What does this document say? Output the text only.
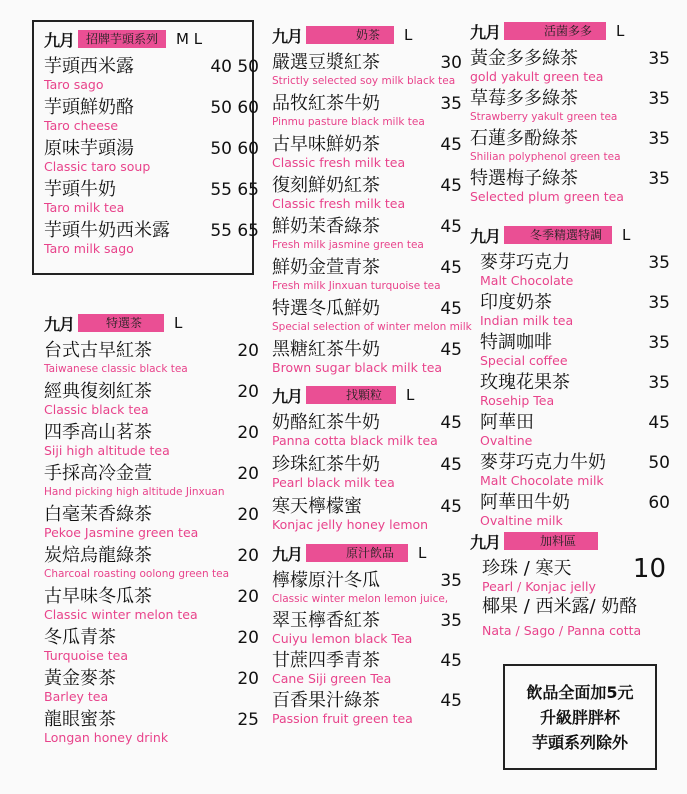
九月	招牌芋頭系列	M L
芋頭西米露	40 50
Taro sago
芋頭鮮奶酪	50 60
Taro cheese
原味芋頭湯	50 60
Classic taro soup
芋頭牛奶	55 65
Taro milk tea
芋頭牛奶西米露 55 65
Taro milk sago
九月	特選茶	L
台式古早紅茶	20
Taiwanese classic black tea
經典復刻紅茶	20
Classic black tea
四季高山茗茶	20
Siji high altitude tea
手採高冷金萱	20
Hand picking high altitude Jinxuan
白毫茉香綠茶	20
Pekoe Jasmine green tea
炭焙烏龍綠茶	20
Charcoal roasting oolong green tea
古早味冬瓜茶	20
Classic winter melon tea
冬瓜青茶	20
Turquoise tea
黃金麥茶	20
Barley tea
龍眼蜜茶	25
Longan honey drink
九月	奶茶	L
嚴選豆漿紅茶	30
Strictly selected soy milk black tea
品牧紅茶牛奶	35
Pinmu pasture black milk tea
古早味鮮奶茶	45
Classic fresh milk tea
復刻鮮奶紅茶	45
Classic fresh milk tea
鮮奶茉香綠茶	45
Fresh milk jasmine green tea
鮮奶金萱青茶	45
Fresh milk Jinxuan turquoise tea
特選冬瓜鮮奶	45
Special selection of winter melon milk
黑糖紅茶牛奶	45
Brown sugar black milk tea
九月	找顆粒	L
奶酪紅茶牛奶	45
Panna cotta black milk tea
珍珠紅茶牛奶	45
Pearl black milk tea
寒天檸檬蜜	45
Konjac jelly honey lemon
九月	原汁飲品	L
檸檬原汁冬瓜	35
Classic winter melon lemon juice,
翠玉檸香紅茶	35
Cuiyu lemon black Tea
甘蔗四季青茶	45
Cane Siji green Tea
百香果汁綠茶	45
Passion fruit green tea
九月	活菌多多	L
黃金多多綠茶	35
gold yakult green tea
草莓多多綠茶	35
Strawberry yakult green tea
石蓮多酚綠茶	35
Shilian polyphenol green tea
特選梅子綠茶	35
Selected plum green tea
九月	冬季精選特調	L
麥芽巧克力	35
Malt Chocolate
印度奶茶	35
Indian milk tea
特調咖啡	35
Special coffee
玫瑰花果茶	35
Rosehip Tea
阿華田	45
Ovaltine
麥芽巧克力牛奶 50
Malt Chocolate milk
阿華田牛奶	60
Ovaltine milk
九月	加料區
珍珠 / 寒天 10
Pearl / Konjac jelly
椰果 / 西米露/ 奶酪
Nata / Sago / Panna cotta
飲品全面加5元
升級胖胖杯
芋頭系列除外
